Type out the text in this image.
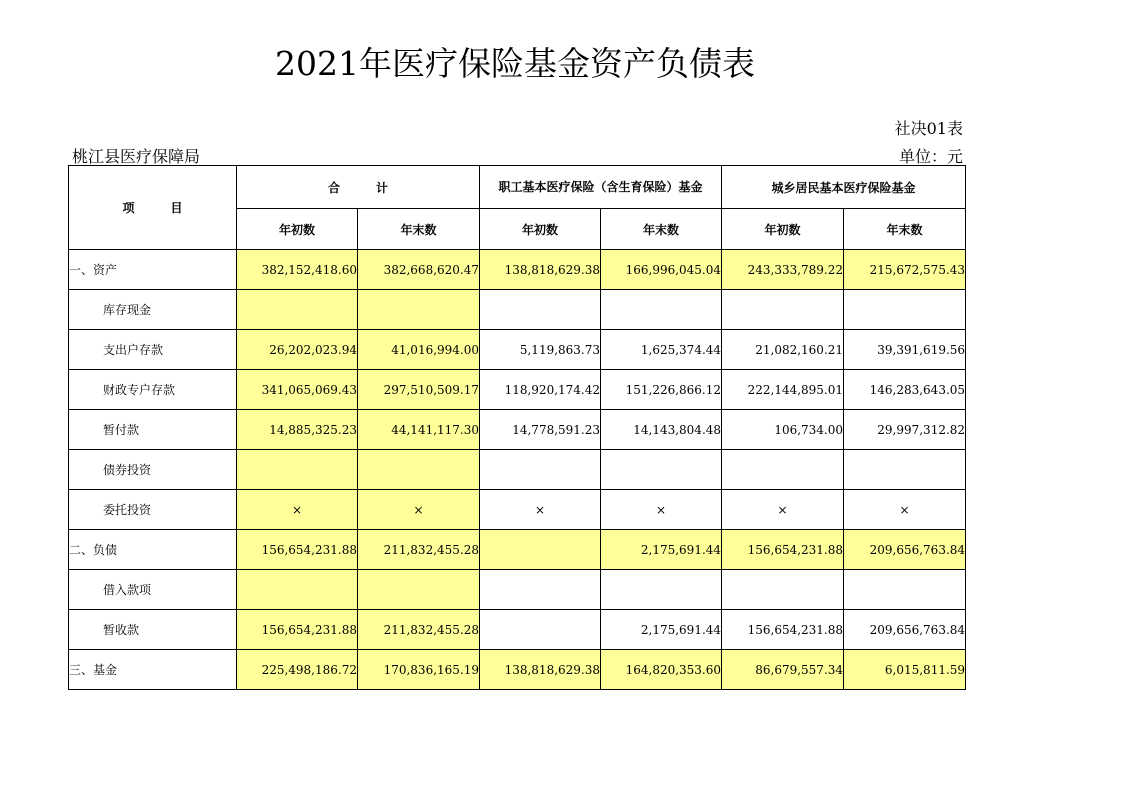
2021年医疗保险基金资产负债表
社决01表
桃江县医疗保障局	单位：元
项　　　目	合　　　计		职工基本医疗保险（含生育保险）基金		城乡居民基本医疗保险基金	
	年初数	年末数	年初数	年末数	年初数	年末数
一、资产	382,152,418.60	382,668,620.47	138,818,629.38	166,996,045.04	243,333,789.22	215,672,575.43
库存现金						
支出户存款	26,202,023.94	41,016,994.00	5,119,863.73	1,625,374.44	21,082,160.21	39,391,619.56
财政专户存款	341,065,069.43	297,510,509.17	118,920,174.42	151,226,866.12	222,144,895.01	146,283,643.05
暂付款	14,885,325.23	44,141,117.30	14,778,591.23	14,143,804.48	106,734.00	29,997,312.82
债券投资						
委托投资	×	×	×	×	×	×
二、负债	156,654,231.88	211,832,455.28		2,175,691.44	156,654,231.88	209,656,763.84
借入款项						
暂收款	156,654,231.88	211,832,455.28		2,175,691.44	156,654,231.88	209,656,763.84
三、基金	225,498,186.72	170,836,165.19	138,818,629.38	164,820,353.60	86,679,557.34	6,015,811.59
